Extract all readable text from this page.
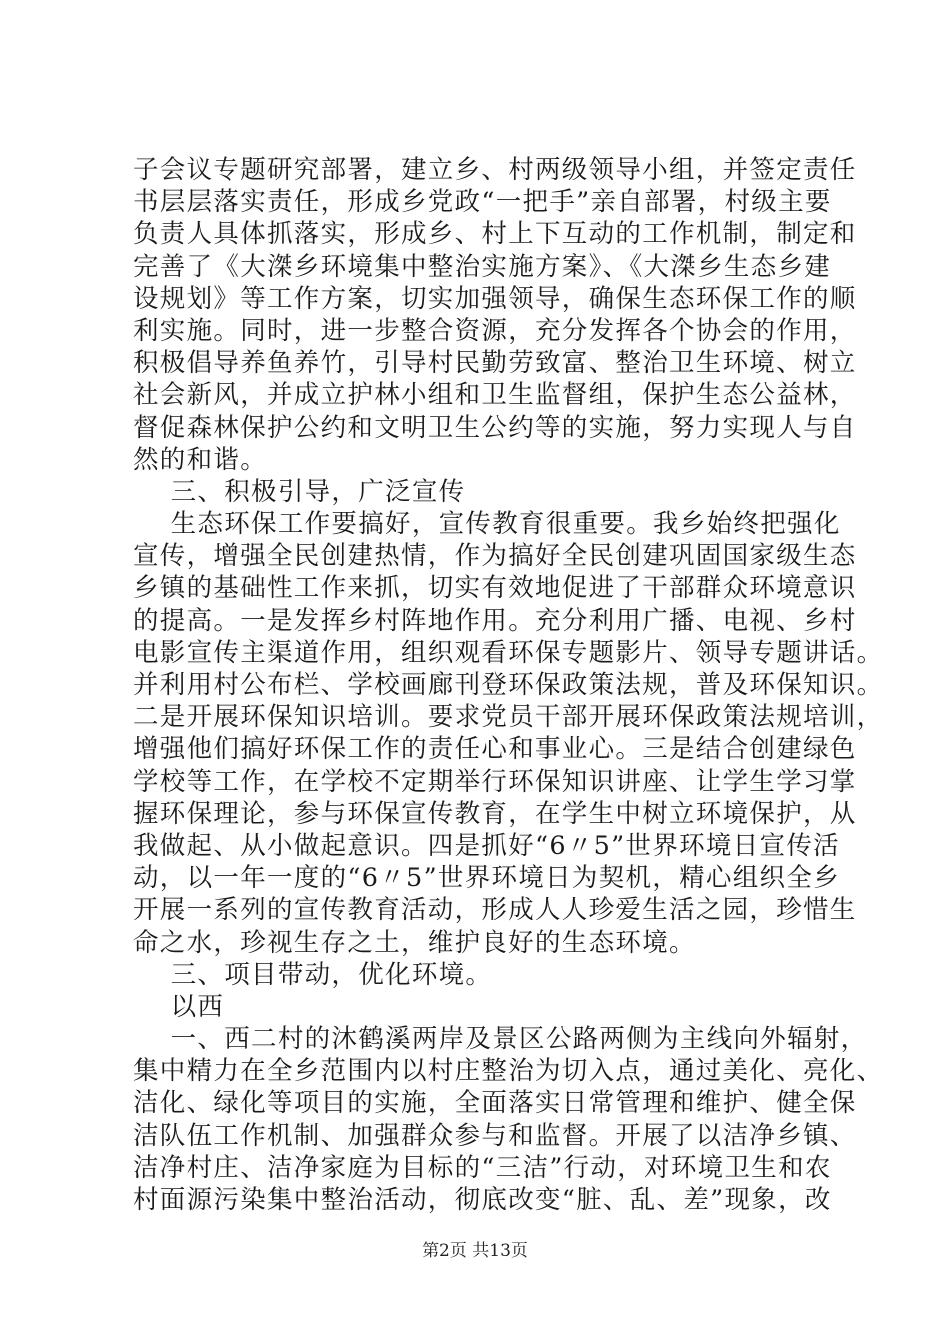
子会议专题研究部署，建立乡、村两级领导小组，并签定责任
书层层落实责任，形成乡党政“一把手”亲自部署，村级主要
负责人具体抓落实，形成乡、村上下互动的工作机制，制定和
完善了《大滐乡环境集中整治实施方案》、《大滐乡生态乡建
设规划》等工作方案，切实加强领导，确保生态环保工作的顺
利实施。同时，进一步整合资源，充分发挥各个协会的作用，
积极倡导养鱼养竹，引导村民勤劳致富、整治卫生环境、树立
社会新风，并成立护林小组和卫生监督组，保护生态公益林，
督促森林保护公约和文明卫生公约等的实施，努力实现人与自
然的和谐。
三、积极引导，广泛宣传
生态环保工作要搞好，宣传教育很重要。我乡始终把强化
宣传，增强全民创建热情，作为搞好全民创建巩固国家级生态
乡镇的基础性工作来抓，切实有效地促进了干部群众环境意识
的提高。一是发挥乡村阵地作用。充分利用广播、电视、乡村
电影宣传主渠道作用，组织观看环保专题影片、领导专题讲话。
并利用村公布栏、学校画廊刊登环保政策法规，普及环保知识。
二是开展环保知识培训。要求党员干部开展环保政策法规培训，
增强他们搞好环保工作的责任心和事业心。三是结合创建绿色
学校等工作，在学校不定期举行环保知识讲座、让学生学习掌
握环保理论，参与环保宣传教育，在学生中树立环境保护，从
我做起、从小做起意识。四是抓好“6〃5”世界环境日宣传活
动，以一年一度的“6〃5”世界环境日为契机，精心组织全乡
开展一系列的宣传教育活动，形成人人珍爱生活之园，珍惜生
命之水，珍视生存之土，维护良好的生态环境。
三、项目带动，优化环境。
以西
一、西二村的沐鹤溪两岸及景区公路两侧为主线向外辐射，
集中精力在全乡范围内以村庄整治为切入点，通过美化、亮化、
洁化、绿化等项目的实施，全面落实日常管理和维护、健全保
洁队伍工作机制、加强群众参与和监督。开展了以洁净乡镇、
洁净村庄、洁净家庭为目标的“三洁”行动，对环境卫生和农
村面源污染集中整治活动，彻底改变“脏、乱、差”现象，改
第2页 共13页
